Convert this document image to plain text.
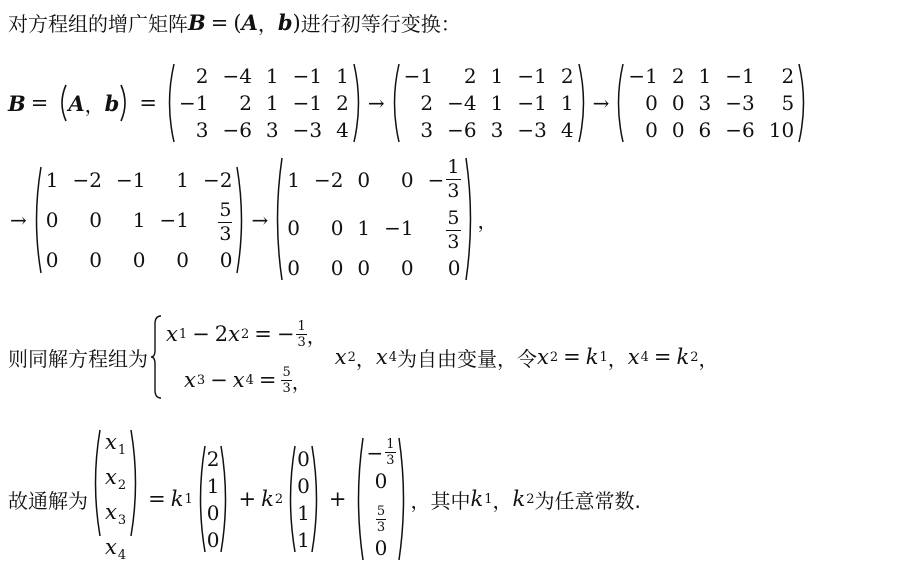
对方程组的增广矩阵 B = ( A ， b ) 进行初等行变换：
B = A ， b =
2 −4 1 −1 1
−1 2 1 −1 2
3 −6 3 −3 4
→
−1 2 1 −1 2
2 −4 1 −1 1
3 −6 3 −3 4
→
−1 2 1 −1 2
0 0 3 −3 5
0 0 6 −6 10
→
1 −2 −1 1 −2
0 0 $1 -1 \frac{5}{3}$
0 0 0 0 0
→
1 −2 0 $0 - \frac{1}{3}$
0 0 $1 -1 \frac{5}{3}$
0 0 0 0 0
，
则同解方程组为
x 1 − 2 x 2 = − $\frac{1}{3}$ ，
x 3 − x $4 = \frac{5}{3}$ ，
x 2 ， x 4 为自由变量，令 x 2 = k 1 ， x 4 = k 2 ，
故通解为
$x_1$
$x_2$
$x_3$
$x_4$
= k 1
2
1
0
0
+ k 2
0
0
1
1
+
− $\frac{1}{3}$
0
$\frac{5}{3}$
0
，其中 k 1 ， k 2 为任意常数.
